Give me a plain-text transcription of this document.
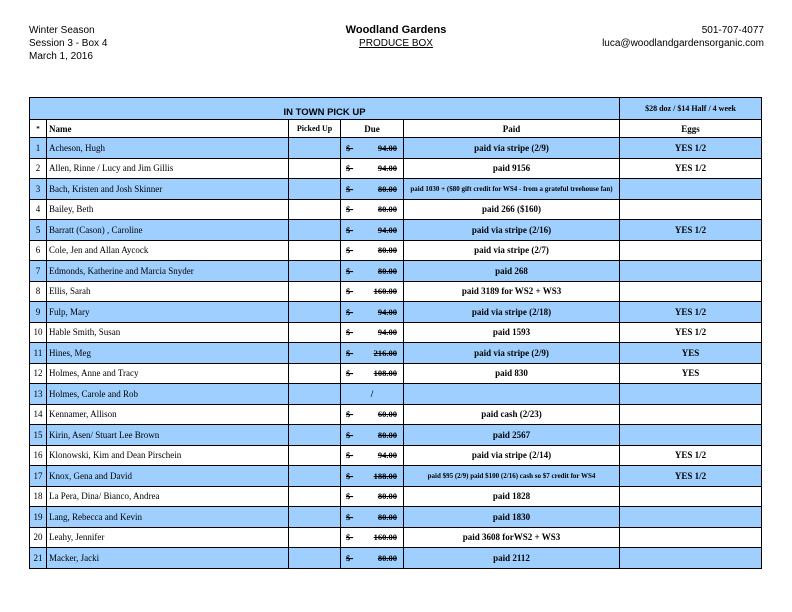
Winter Season
Session 3 - Box 4
March 1, 2016
Woodland Gardens
PRODUCE BOX
501-707-4077
luca@woodlandgardensorganic.com
IN TOWN PICK UP					$28 doz / $14 Half / 4 week
*	Name	Picked Up	Due	Paid	Eggs
1	Acheson, Hugh		$- 94.00	paid via stripe (2/9)	YES 1/2
2	Allen, Rinne / Lucy and Jim Gillis		$- 94.00	paid 9156	YES 1/2
3	Bach, Kristen and Josh Skinner		$- 80.00	paid 1030 + ($80 gift credit for WS4 - from a grateful treehouse fan)	
4	Bailey, Beth		$- 80.00	paid 266 ($160)	
5	Barratt (Cason) , Caroline		$- 94.00	paid via stripe (2/16)	YES 1/2
6	Cole, Jen and Allan Aycock		$- 80.00	paid via stripe (2/7)	
7	Edmonds, Katherine and Marcia Snyder		$- 80.00	paid 268	
8	Ellis, Sarah		$- 160.00	paid 3189 for WS2 + WS3	
9	Fulp, Mary		$- 94.00	paid via stripe (2/18)	YES 1/2
10	Hable Smith, Susan		$- 94.00	paid 1593	YES 1/2
11	Hines, Meg		$- 216.00	paid via stripe (2/9)	YES
12	Holmes, Anne and Tracy		$- 108.00	paid 830	YES
13	Holmes, Carole and Rob		/		
14	Kennamer, Allison		$- 60.00	paid cash (2/23)	
15	Kirin, Asen/ Stuart Lee Brown		$- 80.00	paid 2567	
16	Klonowski, Kim and Dean Pirschein		$- 94.00	paid via stripe (2/14)	YES 1/2
17	Knox, Gena and David		$- 188.00	paid $95 (2/9) paid $100 (2/16) cash so $7 credit for WS4	YES 1/2
18	La Pera, Dina/ Bianco, Andrea		$- 80.00	paid 1828	
19	Lang, Rebecca and Kevin		$- 80.00	paid 1830	
20	Leahy, Jennifer		$- 160.00	paid 3608 forWS2 + WS3	
21	Macker, Jacki		$- 80.00	paid 2112	
